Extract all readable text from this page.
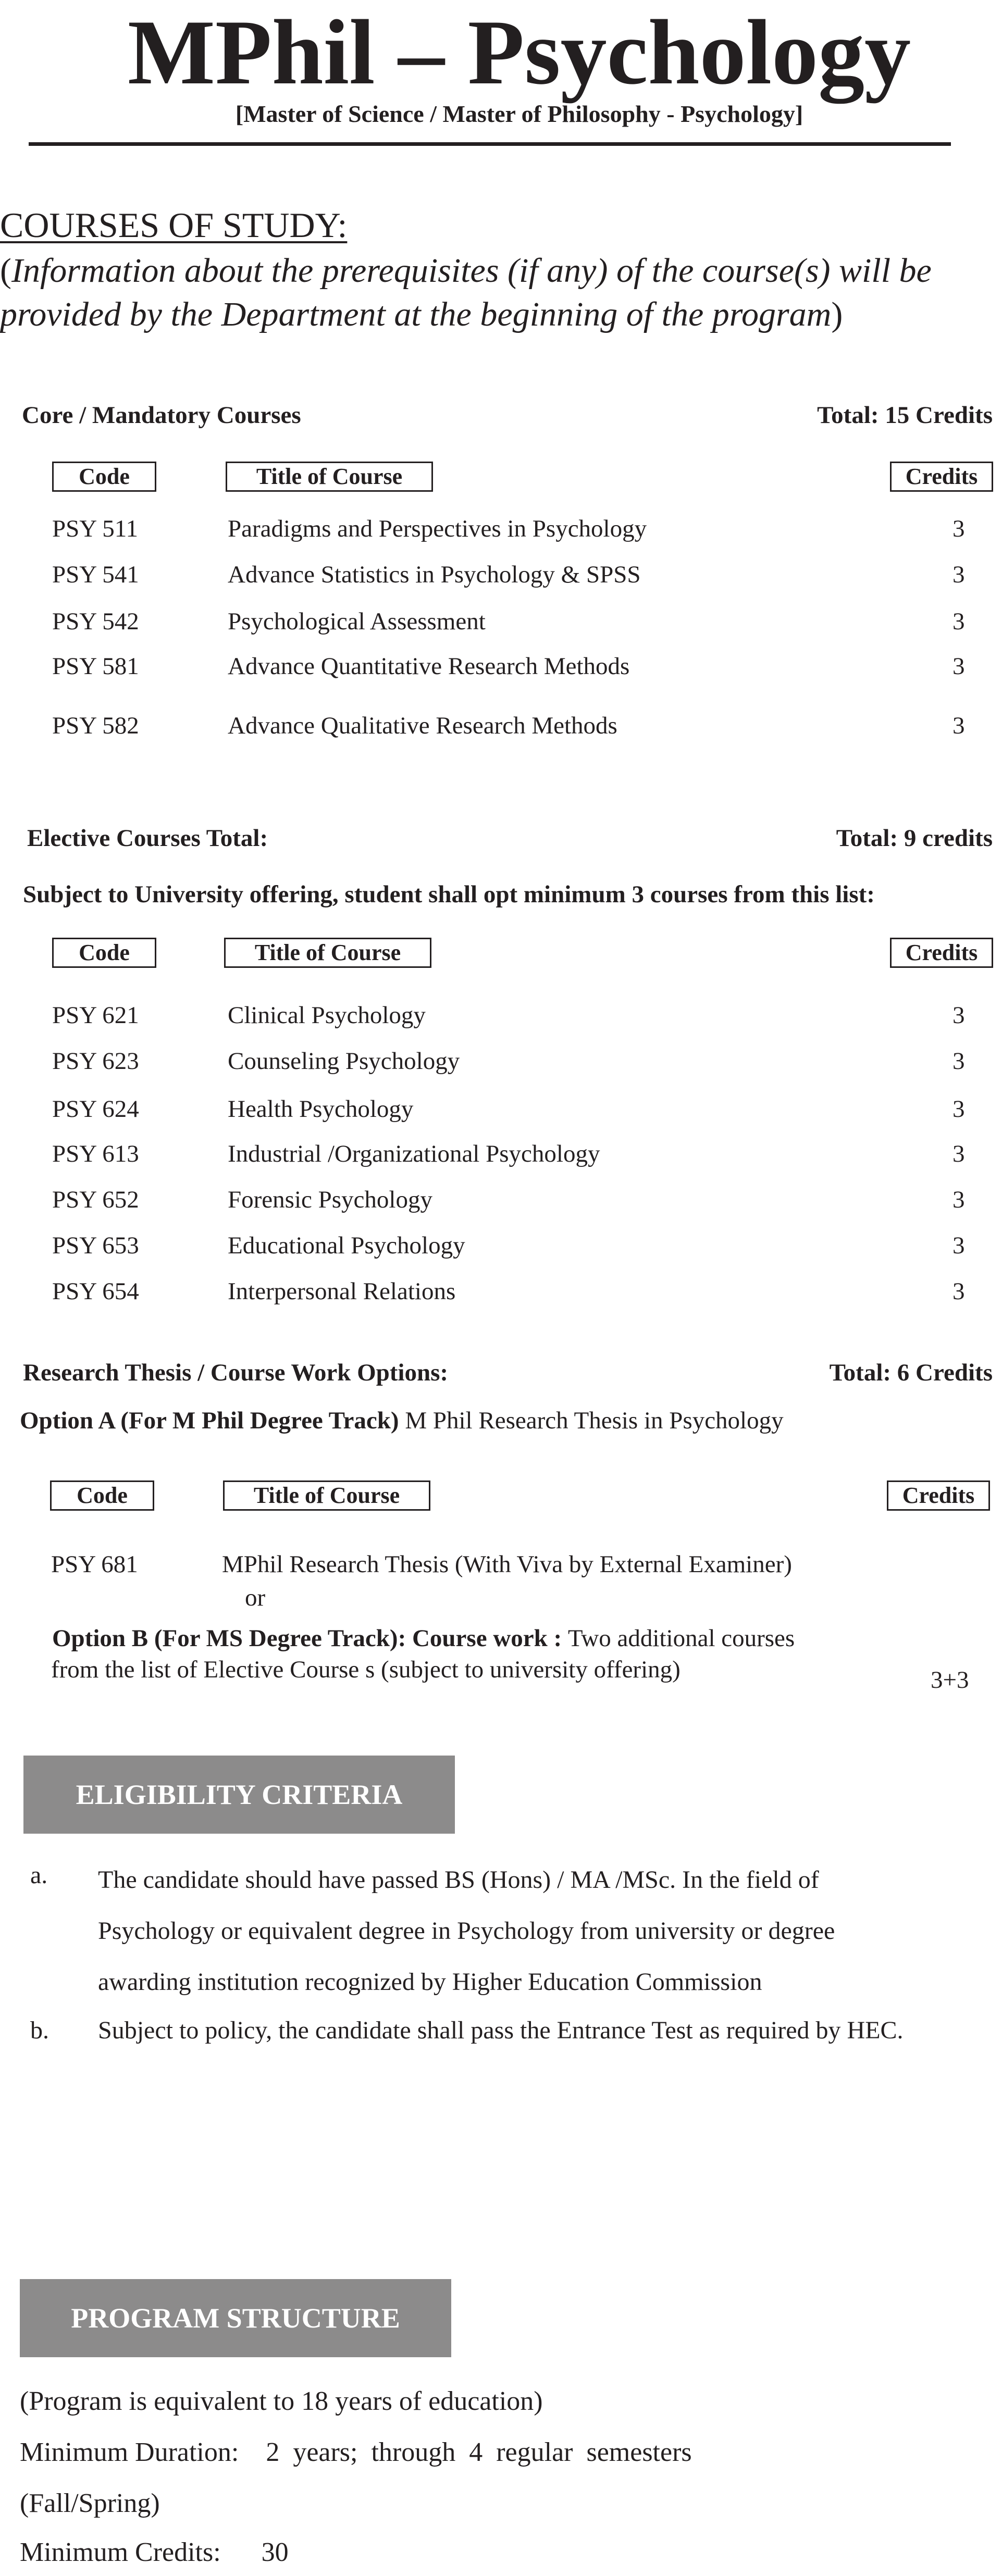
MPhil – Psychology
[Master of Science / Master of Philosophy - Psychology]
COURSES OF STUDY:
(Information about the prerequisites (if any) of the course(s) will be provided by the Department at the beginning of the program)
Core / Mandatory Courses	Total: 15 Credits
Code	Title of Course	Credits
PSY 511	Paradigms and Perspectives in Psychology	3
PSY 541	Advance Statistics in Psychology & SPSS	3
PSY 542	Psychological Assessment	3
PSY 581	Advance Quantitative Research Methods	3
PSY 582	Advance Qualitative Research Methods	3
Elective Courses Total:	Total: 9 credits
Subject to University offering, student shall opt minimum 3 courses from this list:
Code	Title of Course	Credits
PSY 621	Clinical Psychology	3
PSY 623	Counseling Psychology	3
PSY 624	Health Psychology	3
PSY 613	Industrial /Organizational Psychology	3
PSY 652	Forensic Psychology	3
PSY 653	Educational Psychology	3
PSY 654	Interpersonal Relations	3
Research Thesis / Course Work Options:	Total: 6 Credits
Option A (For M Phil Degree Track) M Phil Research Thesis in Psychology
Code	Title of Course	Credits
PSY 681	MPhil Research Thesis (With Viva by External Examiner)
or
Option B (For MS Degree Track): Course work : Two additional courses
from the list of Elective Course s (subject to university offering)	3+3
ELIGIBILITY CRITERIA
a. The candidate should have passed BS (Hons) / MA /MSc. In the field of Psychology or equivalent degree in Psychology from university or degree awarding institution recognized by Higher Education Commission
b. Subject to policy, the candidate shall pass the Entrance Test as required by HEC.
PROGRAM STRUCTURE
(Program is equivalent to 18 years of education)
Minimum Duration:    2  years;  through  4  regular  semesters
(Fall/Spring)
Minimum Credits:      30
